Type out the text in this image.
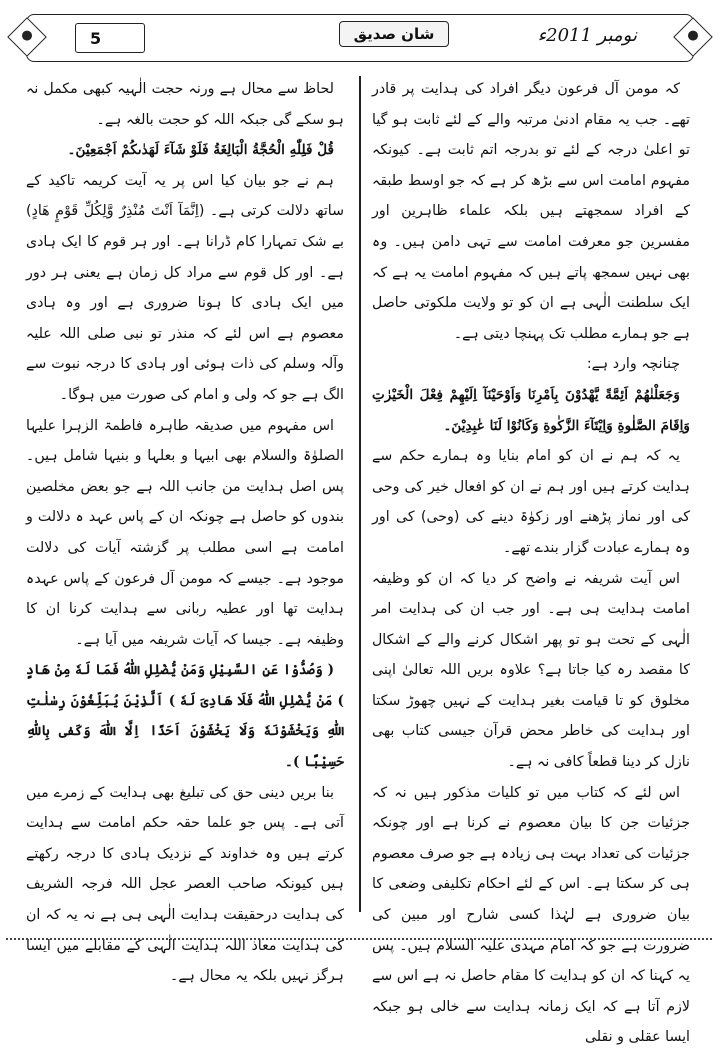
5	شان صدیق	نومبر 2011ء

کہ مومن آل فرعون دیگر افراد کی ہدایت پر قادر تھے۔ جب یہ مقام ادنیٰ مرتبہ والے کے لئے ثابت ہو گیا تو اعلیٰ درجہ کے لئے تو بدرجہ اتم ثابت ہے۔ کیونکہ مفہوم امامت اس سے بڑھ کر ہے کہ جو اوسط طبقہ کے افراد سمجھتے ہیں بلکہ علماء ظاہرین اور مفسرین جو معرفت امامت سے تہی دامن ہیں۔ وہ بھی نہیں سمجھ پاتے ہیں کہ مفہوم امامت یہ ہے کہ ایک سلطنت الٰہی ہے ان کو تو ولایت ملکوتی حاصل ہے جو ہمارے مطلب تک پہنچا دیتی ہے۔

چنانچہ وارد ہے:

وَجَعَلْنٰهُمْ اَئِمَّةً یَّهْدُوْنَ بِاَمْرِنَا وَاَوْحَیْنَآ اِلَیْهِمْ فِعْلَ الْخَیْرٰتِ وَاِقَامَ الصَّلٰوةِ وَاِیْتَآءَ الزَّكٰوةِ وَكَانُوْا لَنَا عٰبِدِیْنَ۔

یہ کہ ہم نے ان کو امام بنایا وہ ہمارے حکم سے ہدایت کرتے ہیں اور ہم نے ان کو افعال خیر کی وحی کی اور نماز پڑھنے اور زکوٰۃ دینے کی (وحی) کی اور وہ ہمارے عبادت گزار بندے تھے۔

اس آیت شریفہ نے واضح کر دیا کہ ان کو وظیفہ امامت ہدایت ہی ہے۔ اور جب ان کی ہدایت امر الٰہی کے تحت ہو تو پھر اشکال کرنے والے کے اشکال کا مقصد رہ کیا جاتا ہے؟ علاوہ بریں اللہ تعالیٰ اپنی مخلوق کو تا قیامت بغیر ہدایت کے نہیں چھوڑ سکتا اور ہدایت کی خاطر محض قرآن جیسی کتاب بھی نازل کر دینا قطعاً کافی نہ ہے۔

اس لئے کہ کتاب میں تو کلیات مذکور ہیں نہ کہ جزئیات جن کا بیان معصوم نے کرنا ہے اور چونکہ جزئیات کی تعداد بہت ہی زیادہ ہے جو صرف معصوم ہی کر سکتا ہے۔ اس کے لئے احکام تکلیفی وضعی کا بیان ضروری ہے لہٰذا کسی شارح اور مبین کی ضرورت ہے جو کہ امام مہدی علیہ السلام ہیں۔ پس یہ کہنا کہ ان کو ہدایت کا مقام حاصل نہ ہے اس سے لازم آتا ہے کہ ایک زمانہ ہدایت سے خالی ہو جبکہ ایسا عقلی و نقلی

لحاظ سے محال ہے ورنہ حجت الٰہیہ کبھی مکمل نہ ہو سکے گی جبکہ اللہ کو حجت بالغہ ہے۔

قُلْ فَلِلّٰهِ الْحُجَّةُ الْبَالِغَةُ فَلَوْ شَآءَ لَهَدٰىكُمْ اَجْمَعِیْنَ۔

ہم نے جو بیان کیا اس پر یہ آیت کریمہ تاکید کے ساتھ دلالت کرتی ہے۔ (اِنَّمَآ اَنْتَ مُنْذِرٌ وَّلِكُلِّ قَوْمٍ هَادٍ) بے شک تمہارا کام ڈرانا ہے۔ اور ہر قوم کا ایک ہادی ہے۔ اور کل قوم سے مراد کل زمان ہے یعنی ہر دور میں ایک ہادی کا ہونا ضروری ہے اور وہ ہادی معصوم ہے اس لئے کہ منذر تو نبی صلی اللہ علیہ وآلہ وسلم کی ذات ہوئی اور ہادی کا درجہ نبوت سے الگ ہے جو کہ ولی و امام کی صورت میں ہوگا۔

اس مفہوم میں صدیقہ طاہرہ فاطمۃ الزہرا علیہا الصلوٰۃ والسلام بھی ابیہا و بعلہا و بنیہا شامل ہیں۔ پس اصل ہدایت من جانب اللہ ہے جو بعض مخلصین بندوں کو حاصل ہے چونکہ ان کے پاس عہد ہ دلالت و امامت ہے اسی مطلب پر گزشتہ آیات کی دلالت موجود ہے۔ جیسے کہ مومن آل فرعون کے پاس عہدہ ہدایت تھا اور عطیہ ربانی سے ہدایت کرنا ان کا وظیفہ ہے۔ جیسا کہ آیات شریفہ میں آیا ہے۔

( وَصُدُّوْا عَنِ السَّبِیْلِ وَمَنْ یُّضْلِلِ اللّٰهُ فَمَا لَهٗ مِنْ هَادٍ ) مَنْ یُّضْلِلِ اللّٰهُ فَلَا هَادِیَ لَهٗ ) اَلَّذِیْنَ یُبَلِّغُوْنَ رِسٰلٰتِ اللّٰهِ وَیَخْشَوْنَهٗ وَلَا یَخْشَوْنَ اَحَدًا اِلَّا اللّٰهَ وَكَفٰى بِاللّٰهِ حَسِیْبًا )۔

بنا بریں دینی حق کی تبلیغ بھی ہدایت کے زمرے میں آتی ہے۔ پس جو علما حقہ حکم امامت سے ہدایت کرتے ہیں وہ خداوند کے نزدیک ہادی کا درجہ رکھتے ہیں کیونکہ صاحب العصر عجل اللہ فرجہ الشریف کی ہدایت درحقیقت ہدایت الٰہی ہی ہے نہ یہ کہ ان کی ہدایت معاذ اللہ ہدایت الٰہی کے مقابلے میں ایسا ہرگز نہیں بلکہ یہ محال ہے۔
